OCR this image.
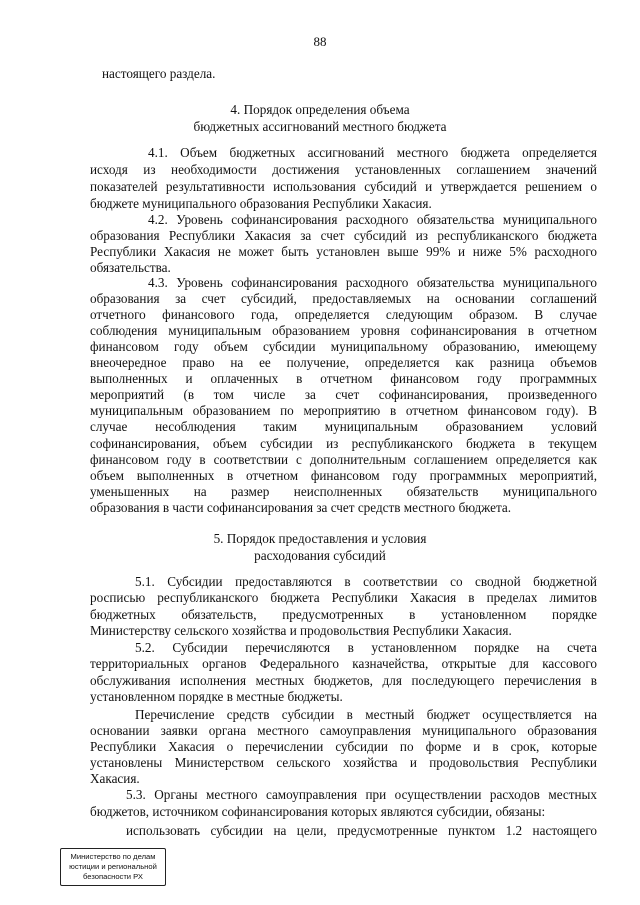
88
настоящего раздела.
4. Порядок определения объема
бюджетных ассигнований местного бюджета
4.1. Объем бюджетных ассигнований местного бюджета определяется
исходя из необходимости достижения установленных соглашением значений
показателей результативности использования субсидий и утверждается решением о
бюджете муниципального образования Республики Хакасия.
4.2. Уровень софинансирования расходного обязательства муниципального
образования Республики Хакасия за счет субсидий из республиканского бюджета
Республики Хакасия не может быть установлен выше 99% и ниже 5% расходного
обязательства.
4.3. Уровень софинансирования расходного обязательства муниципального
образования за счет субсидий, предоставляемых на основании соглашений
отчетного финансового года, определяется следующим образом. В случае
соблюдения муниципальным образованием уровня софинансирования в отчетном
финансовом году объем субсидии муниципальному образованию, имеющему
внеочередное право на ее получение, определяется как разница объемов
выполненных и оплаченных в отчетном финансовом году программных
мероприятий (в том числе за счет софинансирования, произведенного
муниципальным образованием по мероприятию в отчетном финансовом году). В
случае несоблюдения таким муниципальным образованием условий
софинансирования, объем субсидии из республиканского бюджета в текущем
финансовом году в соответствии с дополнительным соглашением определяется как
объем выполненных в отчетном финансовом году программных мероприятий,
уменьшенных на размер неисполненных обязательств муниципального
образования в части софинансирования за счет средств местного бюджета.
5. Порядок предоставления и условия
расходования субсидий
5.1. Субсидии предоставляются в соответствии со сводной бюджетной
росписью республиканского бюджета Республики Хакасия в пределах лимитов
бюджетных обязательств, предусмотренных в установленном порядке
Министерству сельского хозяйства и продовольствия Республики Хакасия.
5.2. Субсидии перечисляются в установленном порядке на счета
территориальных органов Федерального казначейства, открытые для кассового
обслуживания исполнения местных бюджетов, для последующего перечисления в
установленном порядке в местные бюджеты.
Перечисление средств субсидии в местный бюджет осуществляется на
основании заявки органа местного самоуправления муниципального образования
Республики Хакасия о перечислении субсидии по форме и в срок, которые
установлены Министерством сельского хозяйства и продовольствия Республики
Хакасия.
5.3. Органы местного самоуправления при осуществлении расходов местных
бюджетов, источником софинансирования которых являются субсидии, обязаны:
использовать субсидии на цели, предусмотренные пунктом 1.2 настоящего
Министерство по делам
юстиции и региональной
безопасности РХ
